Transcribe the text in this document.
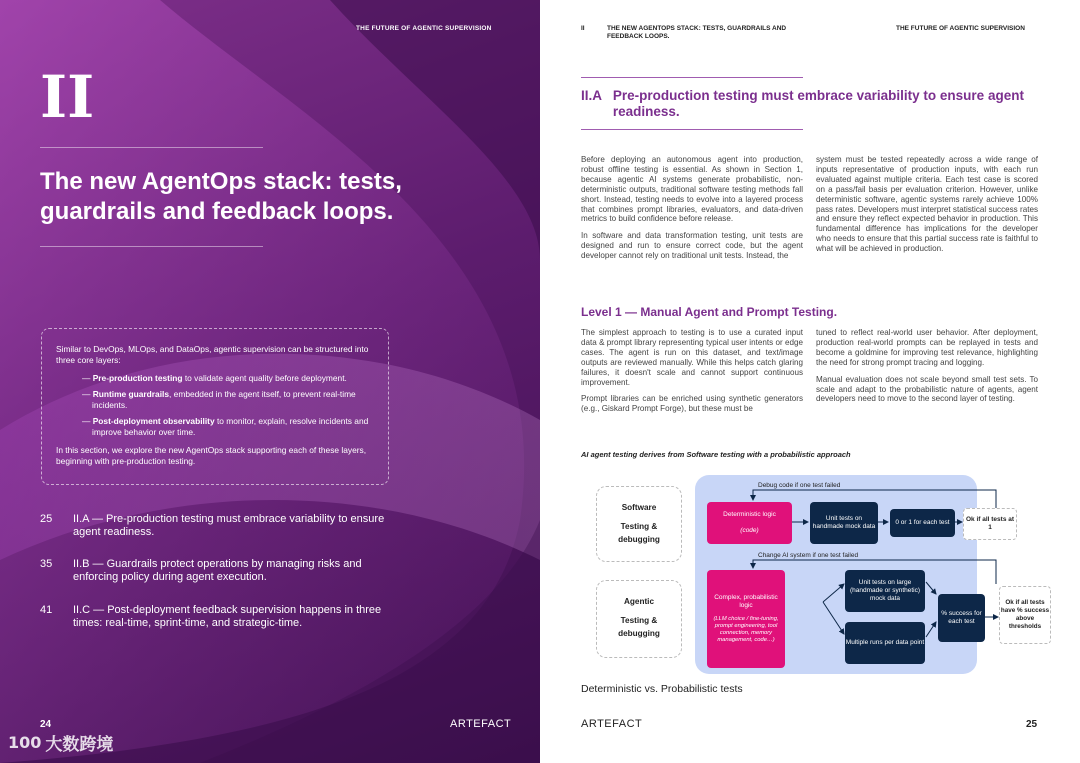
THE FUTURE OF AGENTIC SUPERVISION
II
The new AgentOps stack: tests, guardrails and feedback loops.

Similar to DevOps, MLOps, and DataOps, agentic supervision can be structured into three core layers:

— Pre-production testing to validate agent quality before deployment.
— Runtime guardrails, embedded in the agent itself, to prevent real-time incidents.
— Post-deployment observability to monitor, explain, resolve incidents and improve behavior over time.

In this section, we explore the new AgentOps stack supporting each of these layers, beginning with pre-production testing.

25	II.A — Pre-production testing must embrace variability to ensure agent readiness.
35	II.B — Guardrails protect operations by managing risks and enforcing policy during agent execution.
41	II.C — Post-deployment feedback supervision happens in three times: real-time, sprint-time, and strategic-time.
24	ARTEFACT
100 大数跨境
II	THE NEW AGENTOPS STACK: TESTS, GUARDRAILS AND FEEDBACK LOOPS.
THE FUTURE OF AGENTIC SUPERVISION
II.A Pre-production testing must embrace variability to ensure agent readiness.

Before deploying an autonomous agent into production, robust offline testing is essential. As shown in Section 1, because agentic AI systems generate probabilistic, non-deterministic outputs, traditional software testing methods fall short. Instead, testing needs to evolve into a layered process that combines prompt libraries, evaluators, and data-driven metrics to build confidence before release.

In software and data transformation testing, unit tests are designed and run to ensure correct code, but the agent developer cannot rely on traditional unit tests. Instead, the

system must be tested repeatedly across a wide range of inputs representative of production inputs, with each run evaluated against multiple criteria. Each test case is scored on a pass/fail basis per evaluation criterion. However, unlike deterministic software, agentic systems rarely achieve 100% pass rates. Developers must interpret statistical success rates and ensure they reflect expected behavior in production. This fundamental difference has implications for the developer who needs to ensure that this partial success rate is faithful to what will be achieved in production.

Level 1 — Manual Agent and Prompt Testing.

The simplest approach to testing is to use a curated input data & prompt library representing typical user intents or edge cases. The agent is run on this dataset, and text/image outputs are reviewed manually. While this helps catch glaring failures, it doesn't scale and cannot support continuous improvement.

Prompt libraries can be enriched using synthetic generators (e.g., Giskard Prompt Forge), but these must be

tuned to reflect real-world user behavior. After deployment, production real-world prompts can be replayed in tests and become a goldmine for improving test relevance, highlighting the need for strong prompt tracing and logging.

Manual evaluation does not scale beyond small test sets. To scale and adapt to the probabilistic nature of agents, agent developers need to move to the second layer of testing.

AI agent testing derives from Software testing with a probabilistic approach
Software
Testing &
debugging
Agentic
Testing &
debugging
Debug code if one test failed
Change AI system if one test failed
Deterministic logic
(code)
Unit tests on handmade mock data
0 or 1 for each test	Ok if all tests at 1
Complex, probabilistic logic
(LLM choice / fine-tuning, prompt engineering, tool connection, memory management, code…)
Unit tests on large (handmade or synthetic) mock data
Multiple runs per data point
% success for each test
Ok if all tests have % success above thresholds
Deterministic vs. Probabilistic tests
ARTEFACT	25
